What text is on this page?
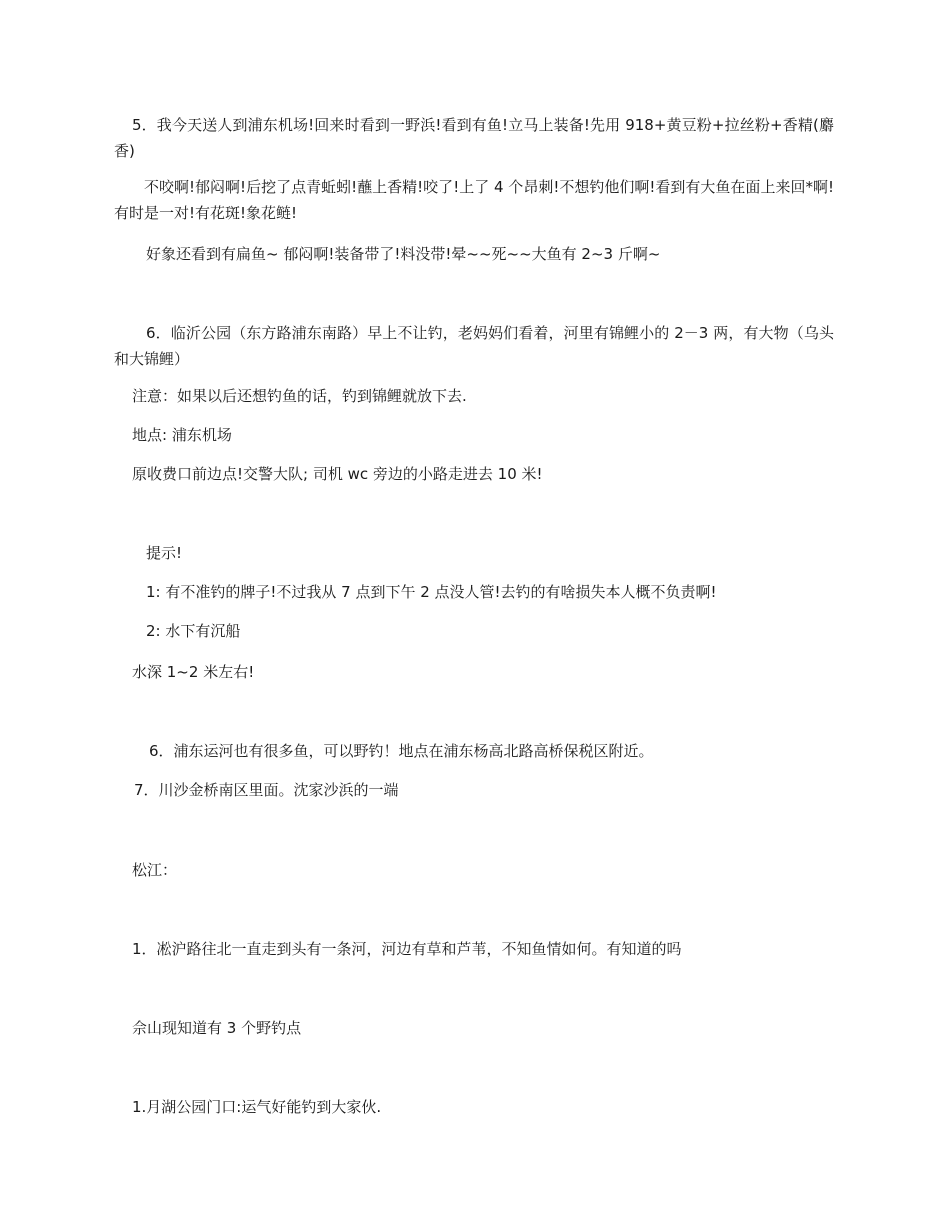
5．我今天送人到浦东机场!回来时看到一野浜!看到有鱼!立马上装备!先用 918+黄豆粉+拉丝粉+香精(麝香)
不咬啊!郁闷啊!后挖了点青蚯蚓!蘸上香精!咬了!上了 4 个昂刺!不想钓他们啊!看到有大鱼在面上来回*啊!有时是一对!有花斑!象花鲢!
好象还看到有扁鱼~ 郁闷啊!装备带了!料没带!晕~~死~~大鱼有 2~3 斤啊~
6．临沂公园（东方路浦东南路）早上不让钓，老妈妈们看着，河里有锦鲤小的 2－3 两，有大物（乌头和大锦鲤）
注意：如果以后还想钓鱼的话，钓到锦鲤就放下去.
地点: 浦东机场
原收费口前边点!交警大队; 司机 wc 旁边的小路走进去 10 米!
提示!
1: 有不准钓的牌子!不过我从 7 点到下午 2 点没人管!去钓的有啥损失本人概不负责啊!
2: 水下有沉船
水深 1~2 米左右!
6．浦东运河也有很多鱼，可以野钓！地点在浦东杨高北路高桥保税区附近。
7．川沙金桥南区里面。沈家沙浜的一端
松江：
1．凇沪路往北一直走到头有一条河，河边有草和芦苇，不知鱼情如何。有知道的吗
佘山现知道有 3 个野钓点
1.月湖公园门口:运气好能钓到大家伙.
